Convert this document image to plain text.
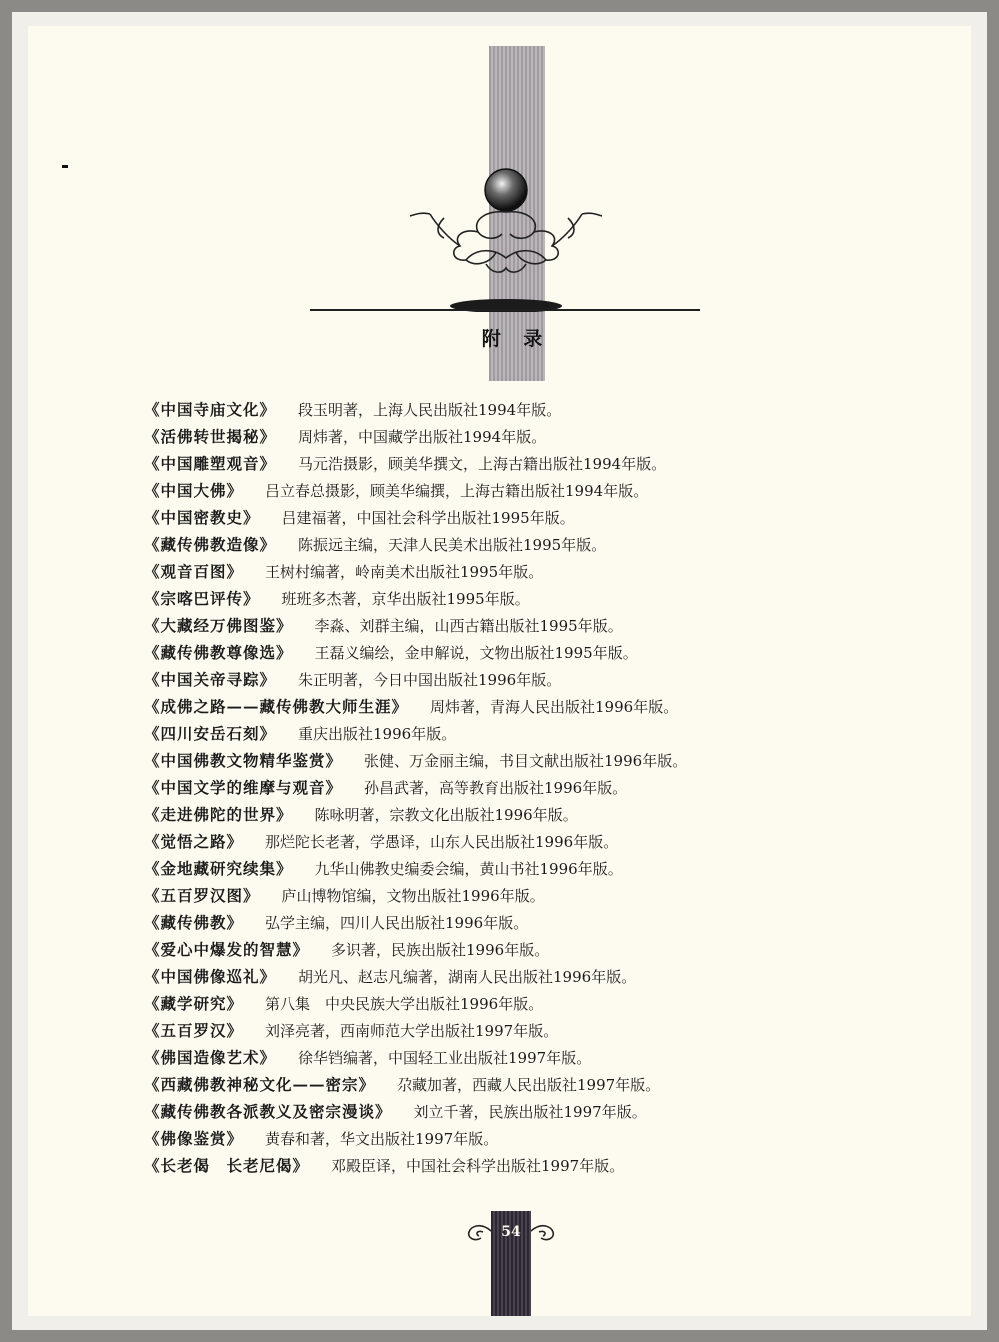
附 录
《中国寺庙文化》 段玉明著，上海人民出版社1994年版。
《活佛转世揭秘》 周炜著，中国藏学出版社1994年版。
《中国雕塑观音》 马元浩摄影，顾美华撰文，上海古籍出版社1994年版。
《中国大佛》 吕立春总摄影，顾美华编撰，上海古籍出版社1994年版。
《中国密教史》 吕建福著，中国社会科学出版社1995年版。
《藏传佛教造像》 陈振远主编，天津人民美术出版社1995年版。
《观音百图》 王树村编著，岭南美术出版社1995年版。
《宗喀巴评传》 班班多杰著，京华出版社1995年版。
《大藏经万佛图鉴》 李淼、刘群主编，山西古籍出版社1995年版。
《藏传佛教尊像选》 王磊义编绘，金申解说，文物出版社1995年版。
《中国关帝寻踪》 朱正明著，今日中国出版社1996年版。
《成佛之路——藏传佛教大师生涯》 周炜著，青海人民出版社1996年版。
《四川安岳石刻》 重庆出版社1996年版。
《中国佛教文物精华鉴赏》 张健、万金丽主编，书目文献出版社1996年版。
《中国文学的维摩与观音》 孙昌武著，高等教育出版社1996年版。
《走进佛陀的世界》 陈咏明著，宗教文化出版社1996年版。
《觉悟之路》 那烂陀长老著，学愚译，山东人民出版社1996年版。
《金地藏研究续集》 九华山佛教史编委会编，黄山书社1996年版。
《五百罗汉图》 庐山博物馆编，文物出版社1996年版。
《藏传佛教》 弘学主编，四川人民出版社1996年版。
《爱心中爆发的智慧》 多识著，民族出版社1996年版。
《中国佛像巡礼》 胡光凡、赵志凡编著，湖南人民出版社1996年版。
《藏学研究》 第八集　中央民族大学出版社1996年版。
《五百罗汉》 刘泽亮著，西南师范大学出版社1997年版。
《佛国造像艺术》 徐华铛编著，中国轻工业出版社1997年版。
《西藏佛教神秘文化——密宗》 尕藏加著，西藏人民出版社1997年版。
《藏传佛教各派教义及密宗漫谈》 刘立千著，民族出版社1997年版。
《佛像鉴赏》 黄春和著，华文出版社1997年版。
《长老偈　长老尼偈》 邓殿臣译，中国社会科学出版社1997年版。
54
